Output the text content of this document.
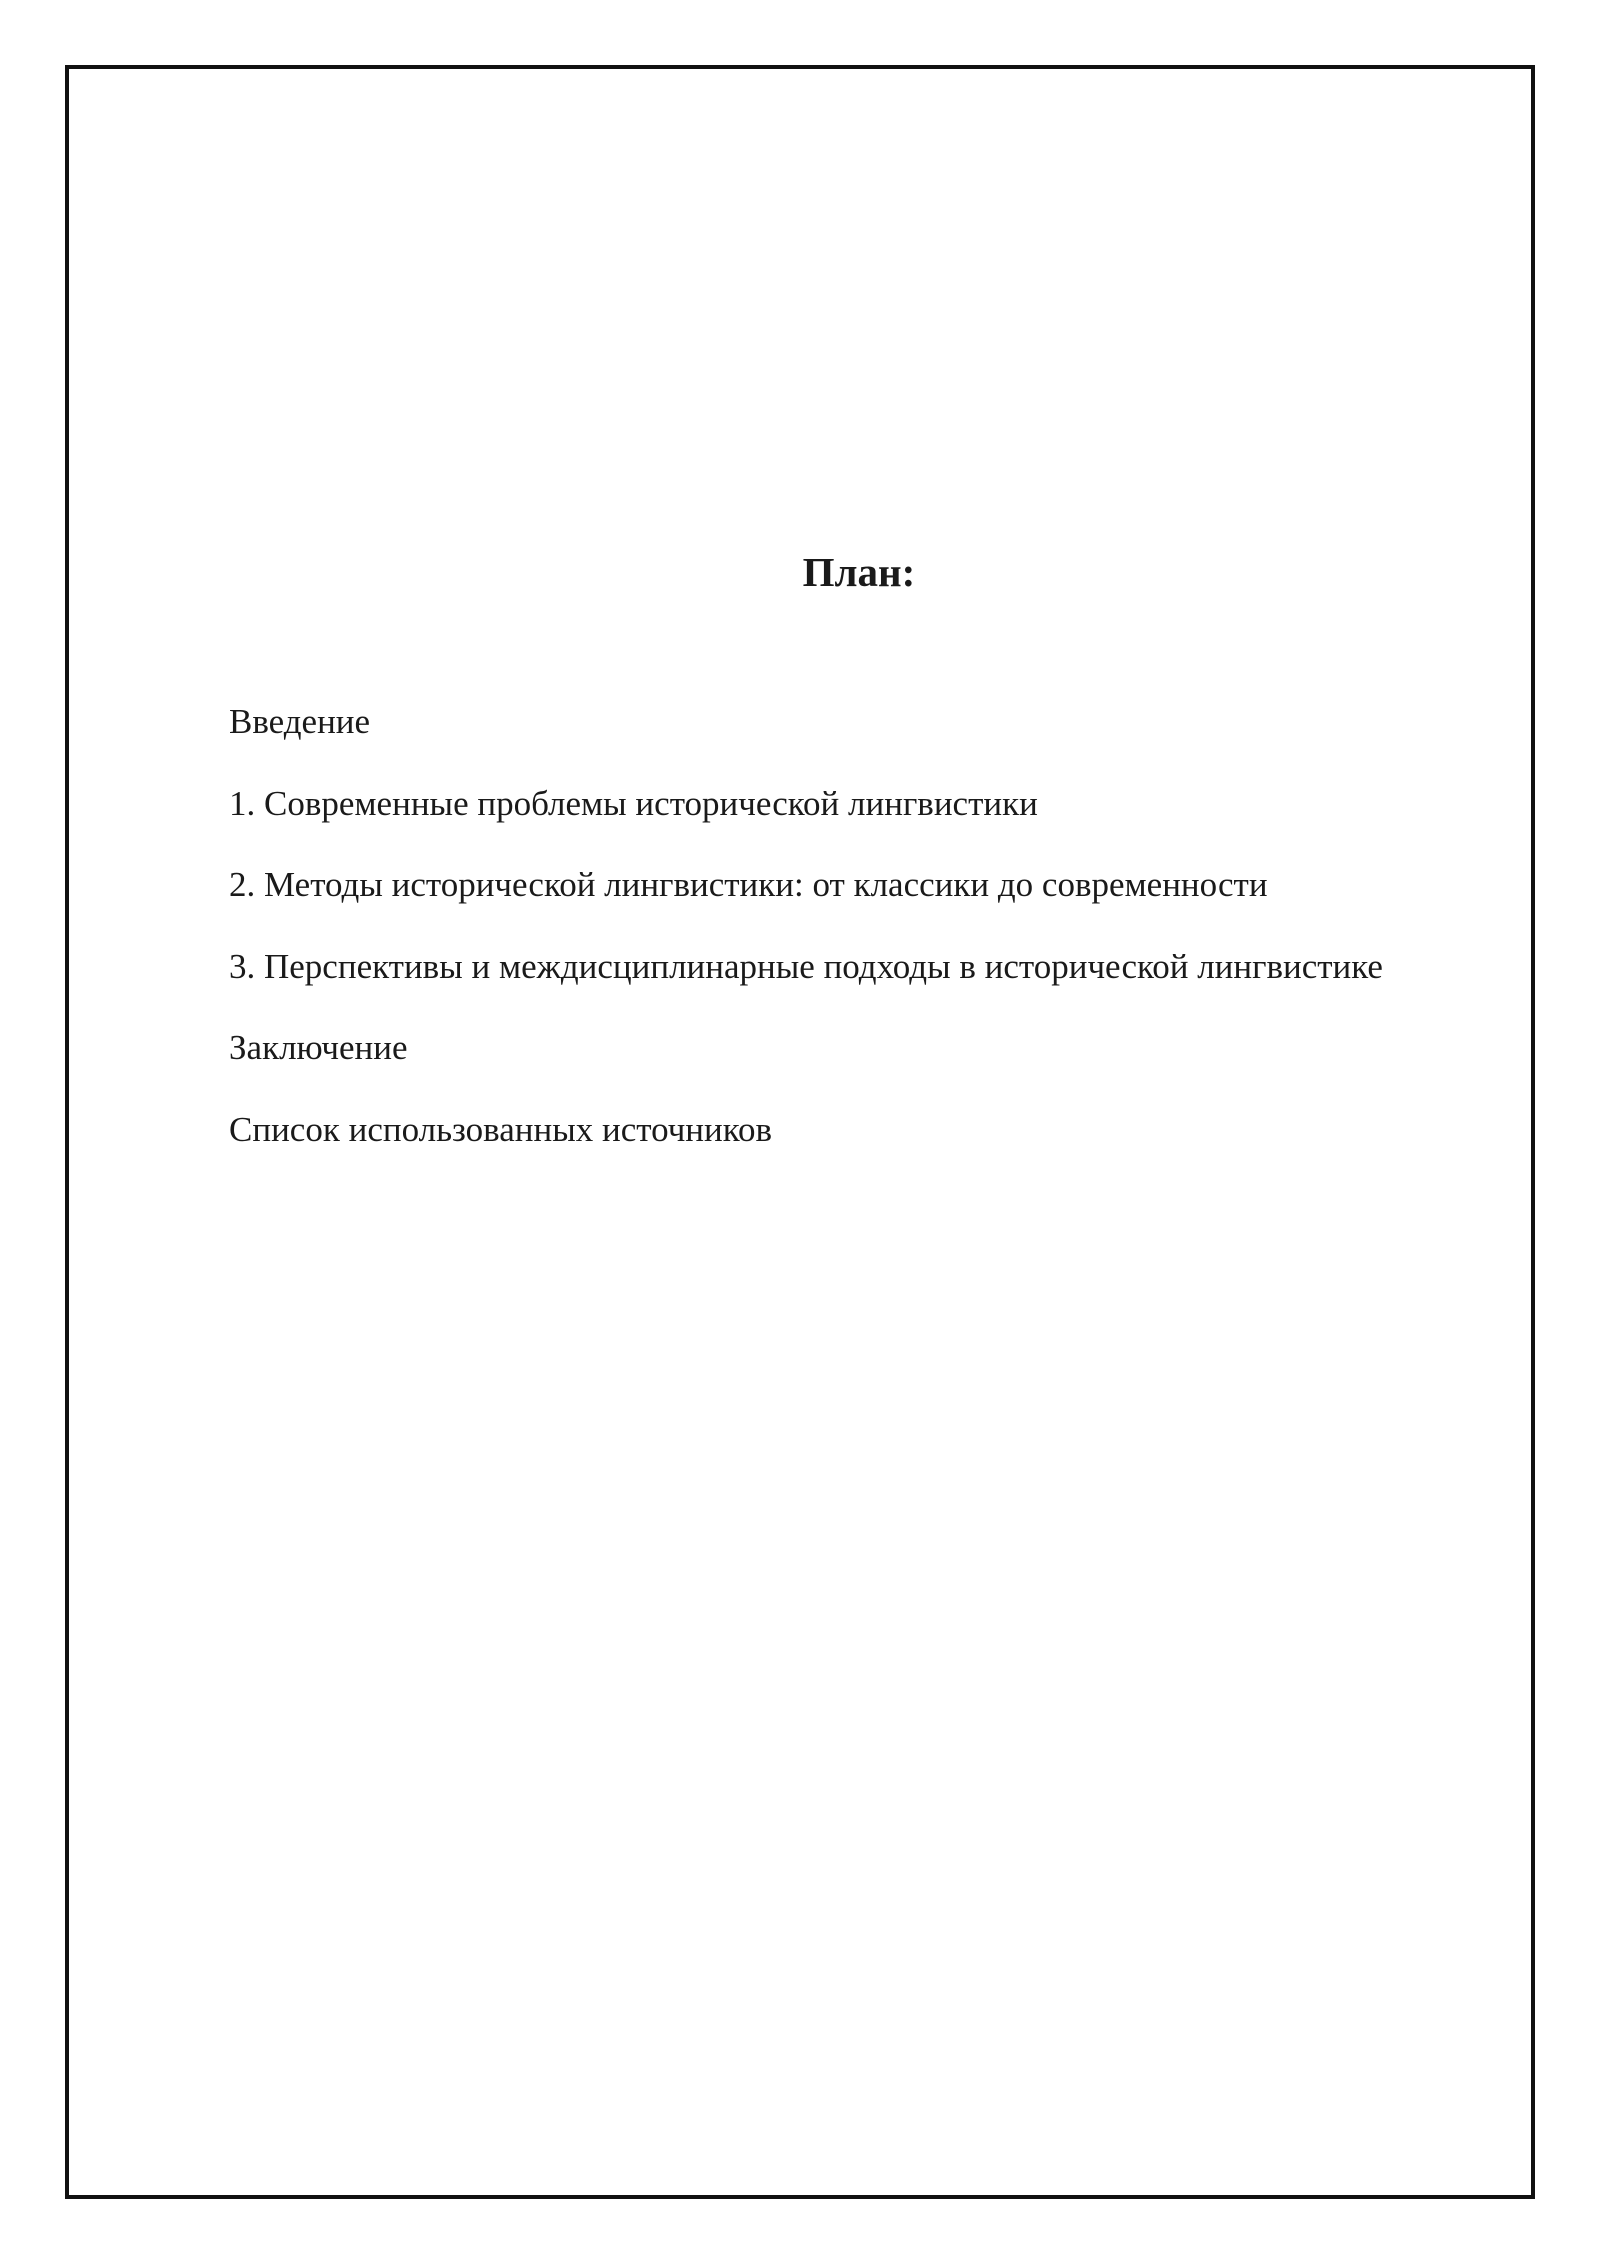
План:
Введение
1. Современные проблемы исторической лингвистики
2. Методы исторической лингвистики: от классики до современности
3. Перспективы и междисциплинарные подходы в исторической лингвистике
Заключение
Список использованных источников
